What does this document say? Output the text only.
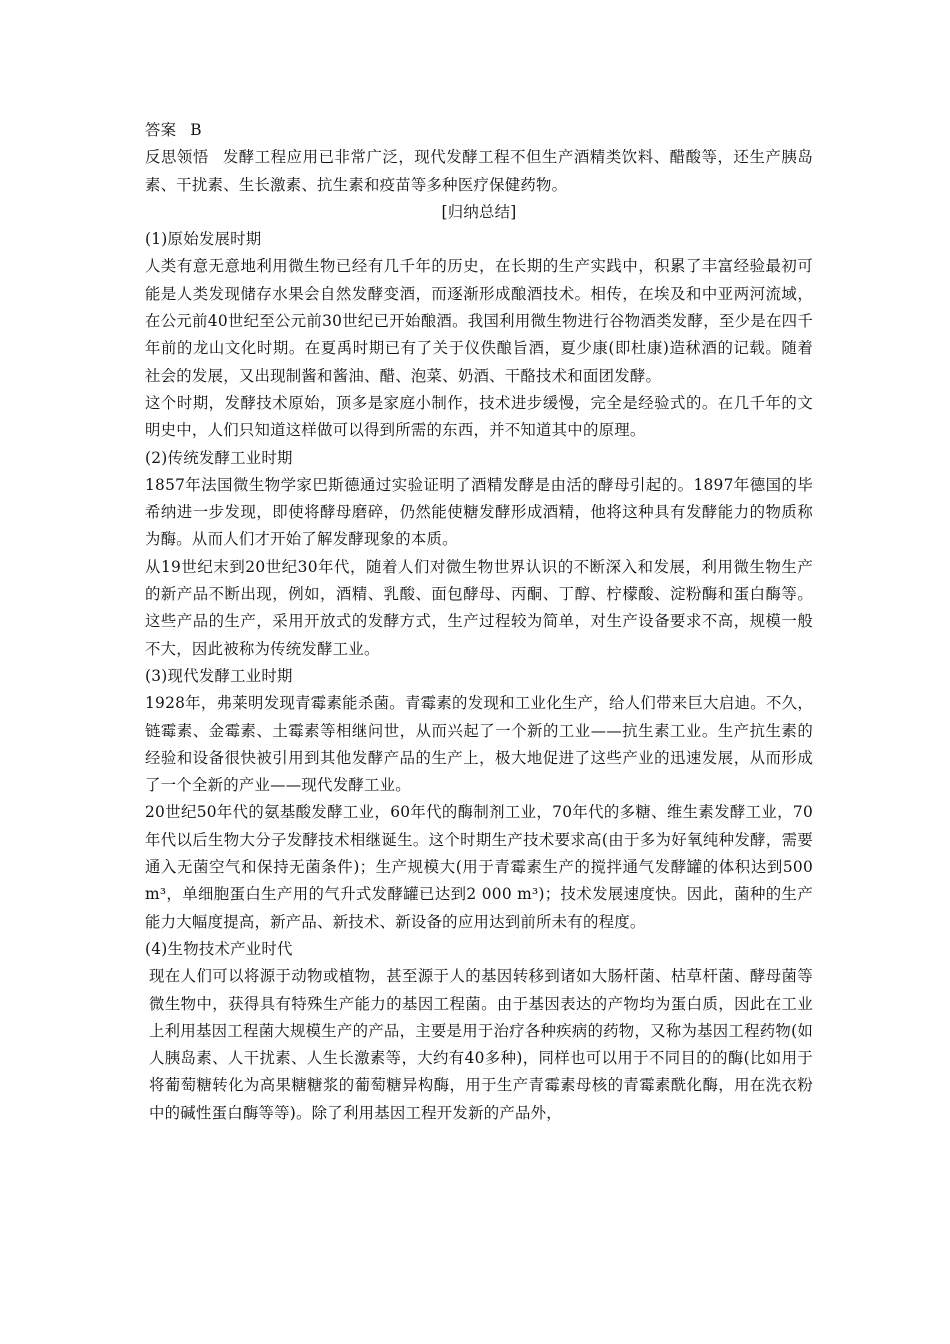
答案 B

反思领悟 发酵工程应用已非常广泛，现代发酵工程不但生产酒精类饮料、醋酸等，还生产胰岛素、干扰素、生长激素、抗生素和疫苗等多种医疗保健药物。

[归纳总结]

(1)原始发展时期

人类有意无意地利用微生物已经有几千年的历史，在长期的生产实践中，积累了丰富经验最初可能是人类发现储存水果会自然发酵变酒，而逐渐形成酿酒技术。相传，在埃及和中亚两河流域，在公元前40世纪至公元前30世纪已开始酿酒。我国利用微生物进行谷物酒类发酵，至少是在四千年前的龙山文化时期。在夏禹时期已有了关于仪佚酿旨酒，夏少康(即杜康)造秫酒的记载。随着社会的发展，又出现制酱和酱油、醋、泡菜、奶酒、干酪技术和面团发酵。

这个时期，发酵技术原始，顶多是家庭小制作，技术进步缓慢，完全是经验式的。在几千年的文明史中，人们只知道这样做可以得到所需的东西，并不知道其中的原理。

(2)传统发酵工业时期

1857年法国微生物学家巴斯德通过实验证明了酒精发酵是由活的酵母引起的。1897年德国的毕希纳进一步发现，即使将酵母磨碎，仍然能使糖发酵形成酒精，他将这种具有发酵能力的物质称为酶。从而人们才开始了解发酵现象的本质。

从19世纪末到20世纪30年代，随着人们对微生物世界认识的不断深入和发展，利用微生物生产的新产品不断出现，例如，酒精、乳酸、面包酵母、丙酮、丁醇、柠檬酸、淀粉酶和蛋白酶等。这些产品的生产，采用开放式的发酵方式，生产过程较为简单，对生产设备要求不高，规模一般不大，因此被称为传统发酵工业。

(3)现代发酵工业时期

1928年，弗莱明发现青霉素能杀菌。青霉素的发现和工业化生产，给人们带来巨大启迪。不久，链霉素、金霉素、土霉素等相继问世，从而兴起了一个新的工业——抗生素工业。生产抗生素的经验和设备很快被引用到其他发酵产品的生产上，极大地促进了这些产业的迅速发展，从而形成了一个全新的产业——现代发酵工业。

20世纪50年代的氨基酸发酵工业，60年代的酶制剂工业，70年代的多糖、维生素发酵工业，70年代以后生物大分子发酵技术相继诞生。这个时期生产技术要求高(由于多为好氧纯种发酵，需要通入无菌空气和保持无菌条件)；生产规模大(用于青霉素生产的搅拌通气发酵罐的体积达到500 m³，单细胞蛋白生产用的气升式发酵罐已达到2 000 m³)；技术发展速度快。因此，菌种的生产能力大幅度提高，新产品、新技术、新设备的应用达到前所未有的程度。

(4)生物技术产业时代

现在人们可以将源于动物或植物，甚至源于人的基因转移到诸如大肠杆菌、枯草杆菌、酵母菌等微生物中，获得具有特殊生产能力的基因工程菌。由于基因表达的产物均为蛋白质，因此在工业上利用基因工程菌大规模生产的产品，主要是用于治疗各种疾病的药物，又称为基因工程药物(如人胰岛素、人干扰素、人生长激素等，大约有40多种)，同样也可以用于不同目的的酶(比如用于将葡萄糖转化为高果糖糖浆的葡萄糖异构酶，用于生产青霉素母核的青霉素酰化酶，用在洗衣粉中的碱性蛋白酶等等)。除了利用基因工程开发新的产品外，
